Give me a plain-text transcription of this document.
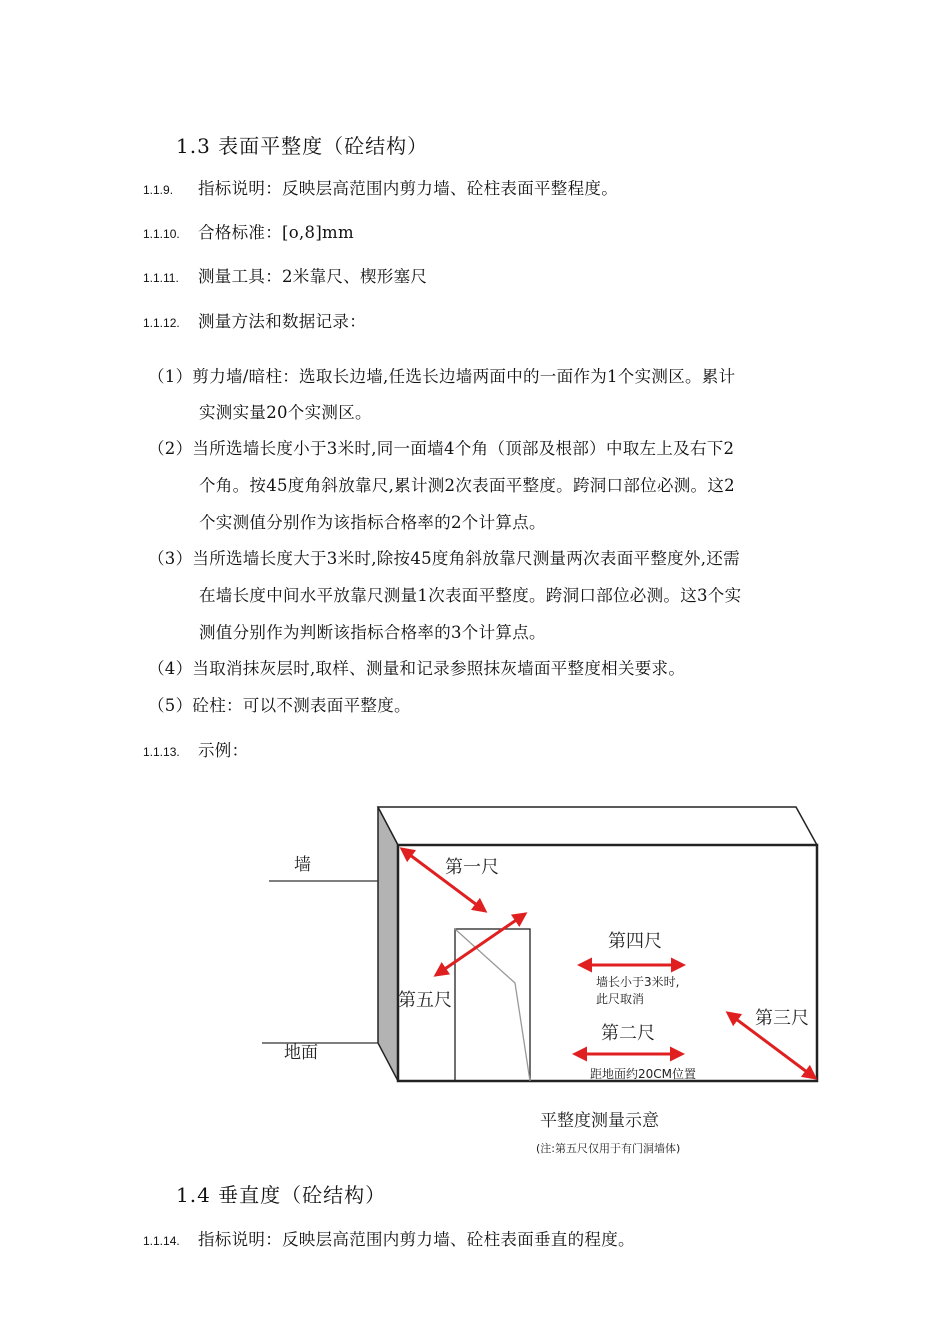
1.3 表面平整度（砼结构）
1.1.9. 指标说明：反映层高范围内剪力墙、砼柱表面平整程度。
1.1.10. 合格标准：[o,8]mm
1.1.11. 测量工具：2米靠尺、楔形塞尺
1.1.12. 测量方法和数据记录：
（1）剪力墙/暗柱：选取长边墙,任选长边墙两面中的一面作为1个实测区。累计
实测实量20个实测区。
（2）当所选墙长度小于3米时,同一面墙4个角（顶部及根部）中取左上及右下2
个角。按45度角斜放靠尺,累计测2次表面平整度。跨洞口部位必测。这2
个实测值分别作为该指标合格率的2个计算点。
（3）当所选墙长度大于3米时,除按45度角斜放靠尺测量两次表面平整度外,还需
在墙长度中间水平放靠尺测量1次表面平整度。跨洞口部位必测。这3个实
测值分别作为判断该指标合格率的3个计算点。
（4）当取消抹灰层时,取样、测量和记录参照抹灰墙面平整度相关要求。
（5）砼柱：可以不测表面平整度。
1.1.13. 示例：
墙
地面
第一尺
第四尺
墙长小于3米时,
此尺取消
第五尺
第二尺
距地面约20CM位置
第三尺
平整度测量示意
(注:第五尺仅用于有门洞墙体)
1.4 垂直度（砼结构）
1.1.14. 指标说明：反映层高范围内剪力墙、砼柱表面垂直的程度。
